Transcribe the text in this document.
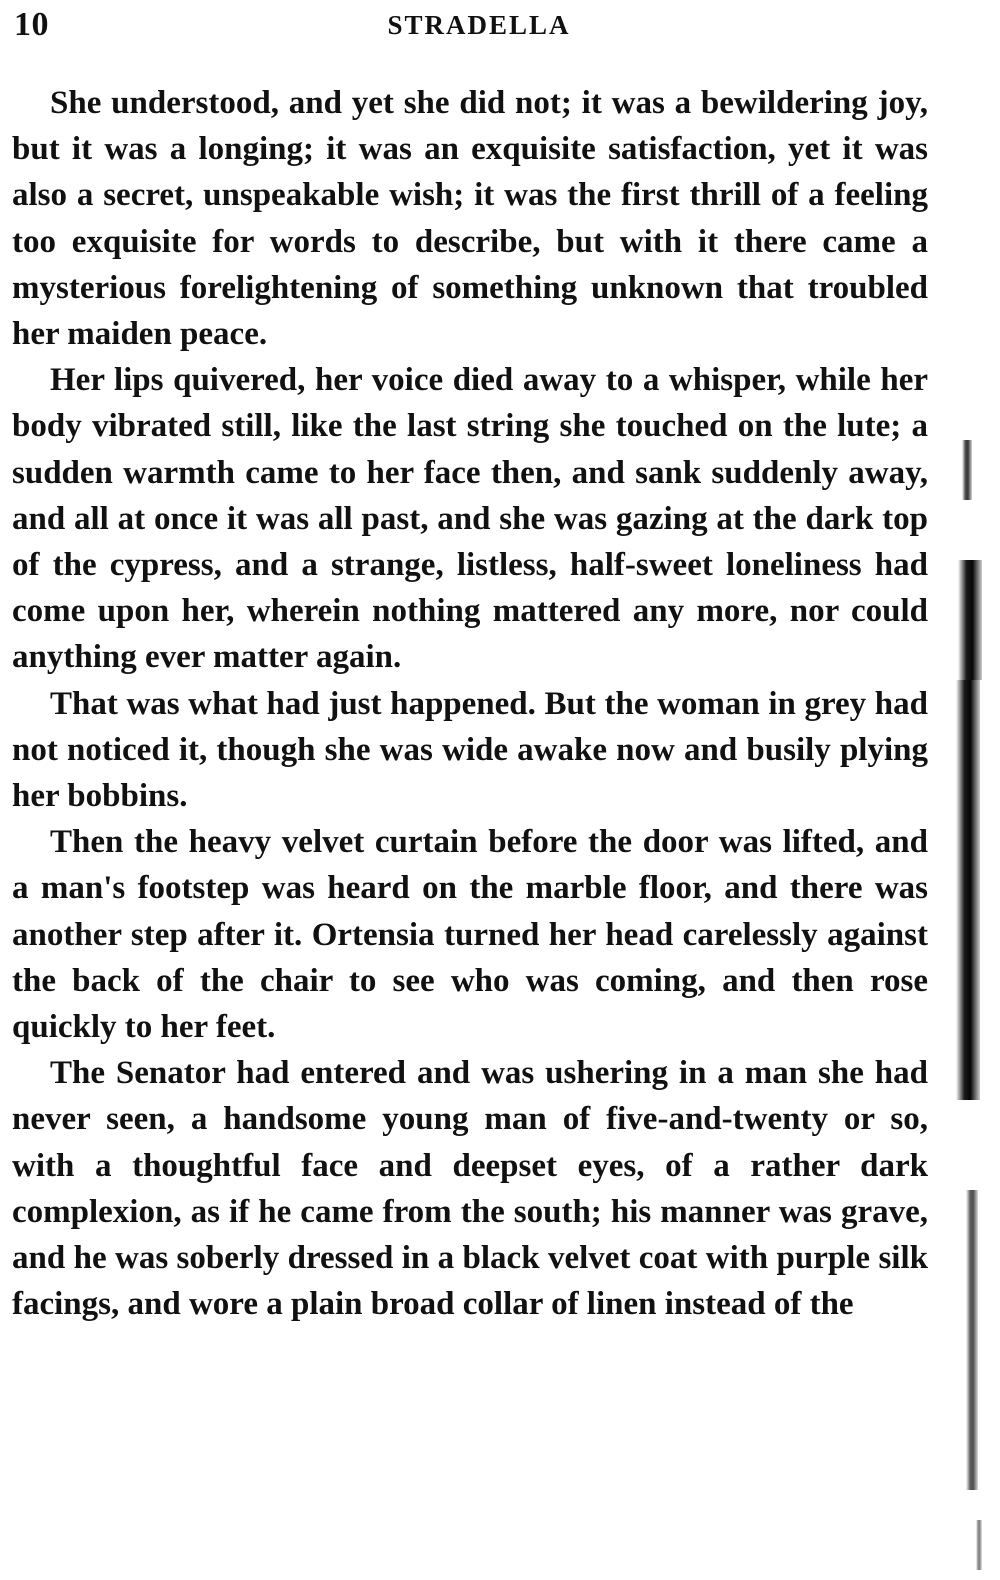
10	STRADELLA

She understood, and yet she did not; it was a bewildering joy, but it was a longing; it was an exquisite satisfaction, yet it was also a secret, unspeakable wish; it was the first thrill of a feeling too exquisite for words to describe, but with it there came a mysterious forelightening of something unknown that troubled her maiden peace.

Her lips quivered, her voice died away to a whisper, while her body vibrated still, like the last string she touched on the lute; a sudden warmth came to her face then, and sank suddenly away, and all at once it was all past, and she was gazing at the dark top of the cypress, and a strange, listless, half-sweet loneliness had come upon her, wherein nothing mattered any more, nor could anything ever matter again.

That was what had just happened. But the woman in grey had not noticed it, though she was wide awake now and busily plying her bobbins.

Then the heavy velvet curtain before the door was lifted, and a man's footstep was heard on the marble floor, and there was another step after it. Ortensia turned her head carelessly against the back of the chair to see who was coming, and then rose quickly to her feet.

The Senator had entered and was ushering in a man she had never seen, a handsome young man of five-and-twenty or so, with a thoughtful face and deepset eyes, of a rather dark complexion, as if he came from the south; his manner was grave, and he was soberly dressed in a black velvet coat with purple silk facings, and wore a plain broad collar of linen instead of the
